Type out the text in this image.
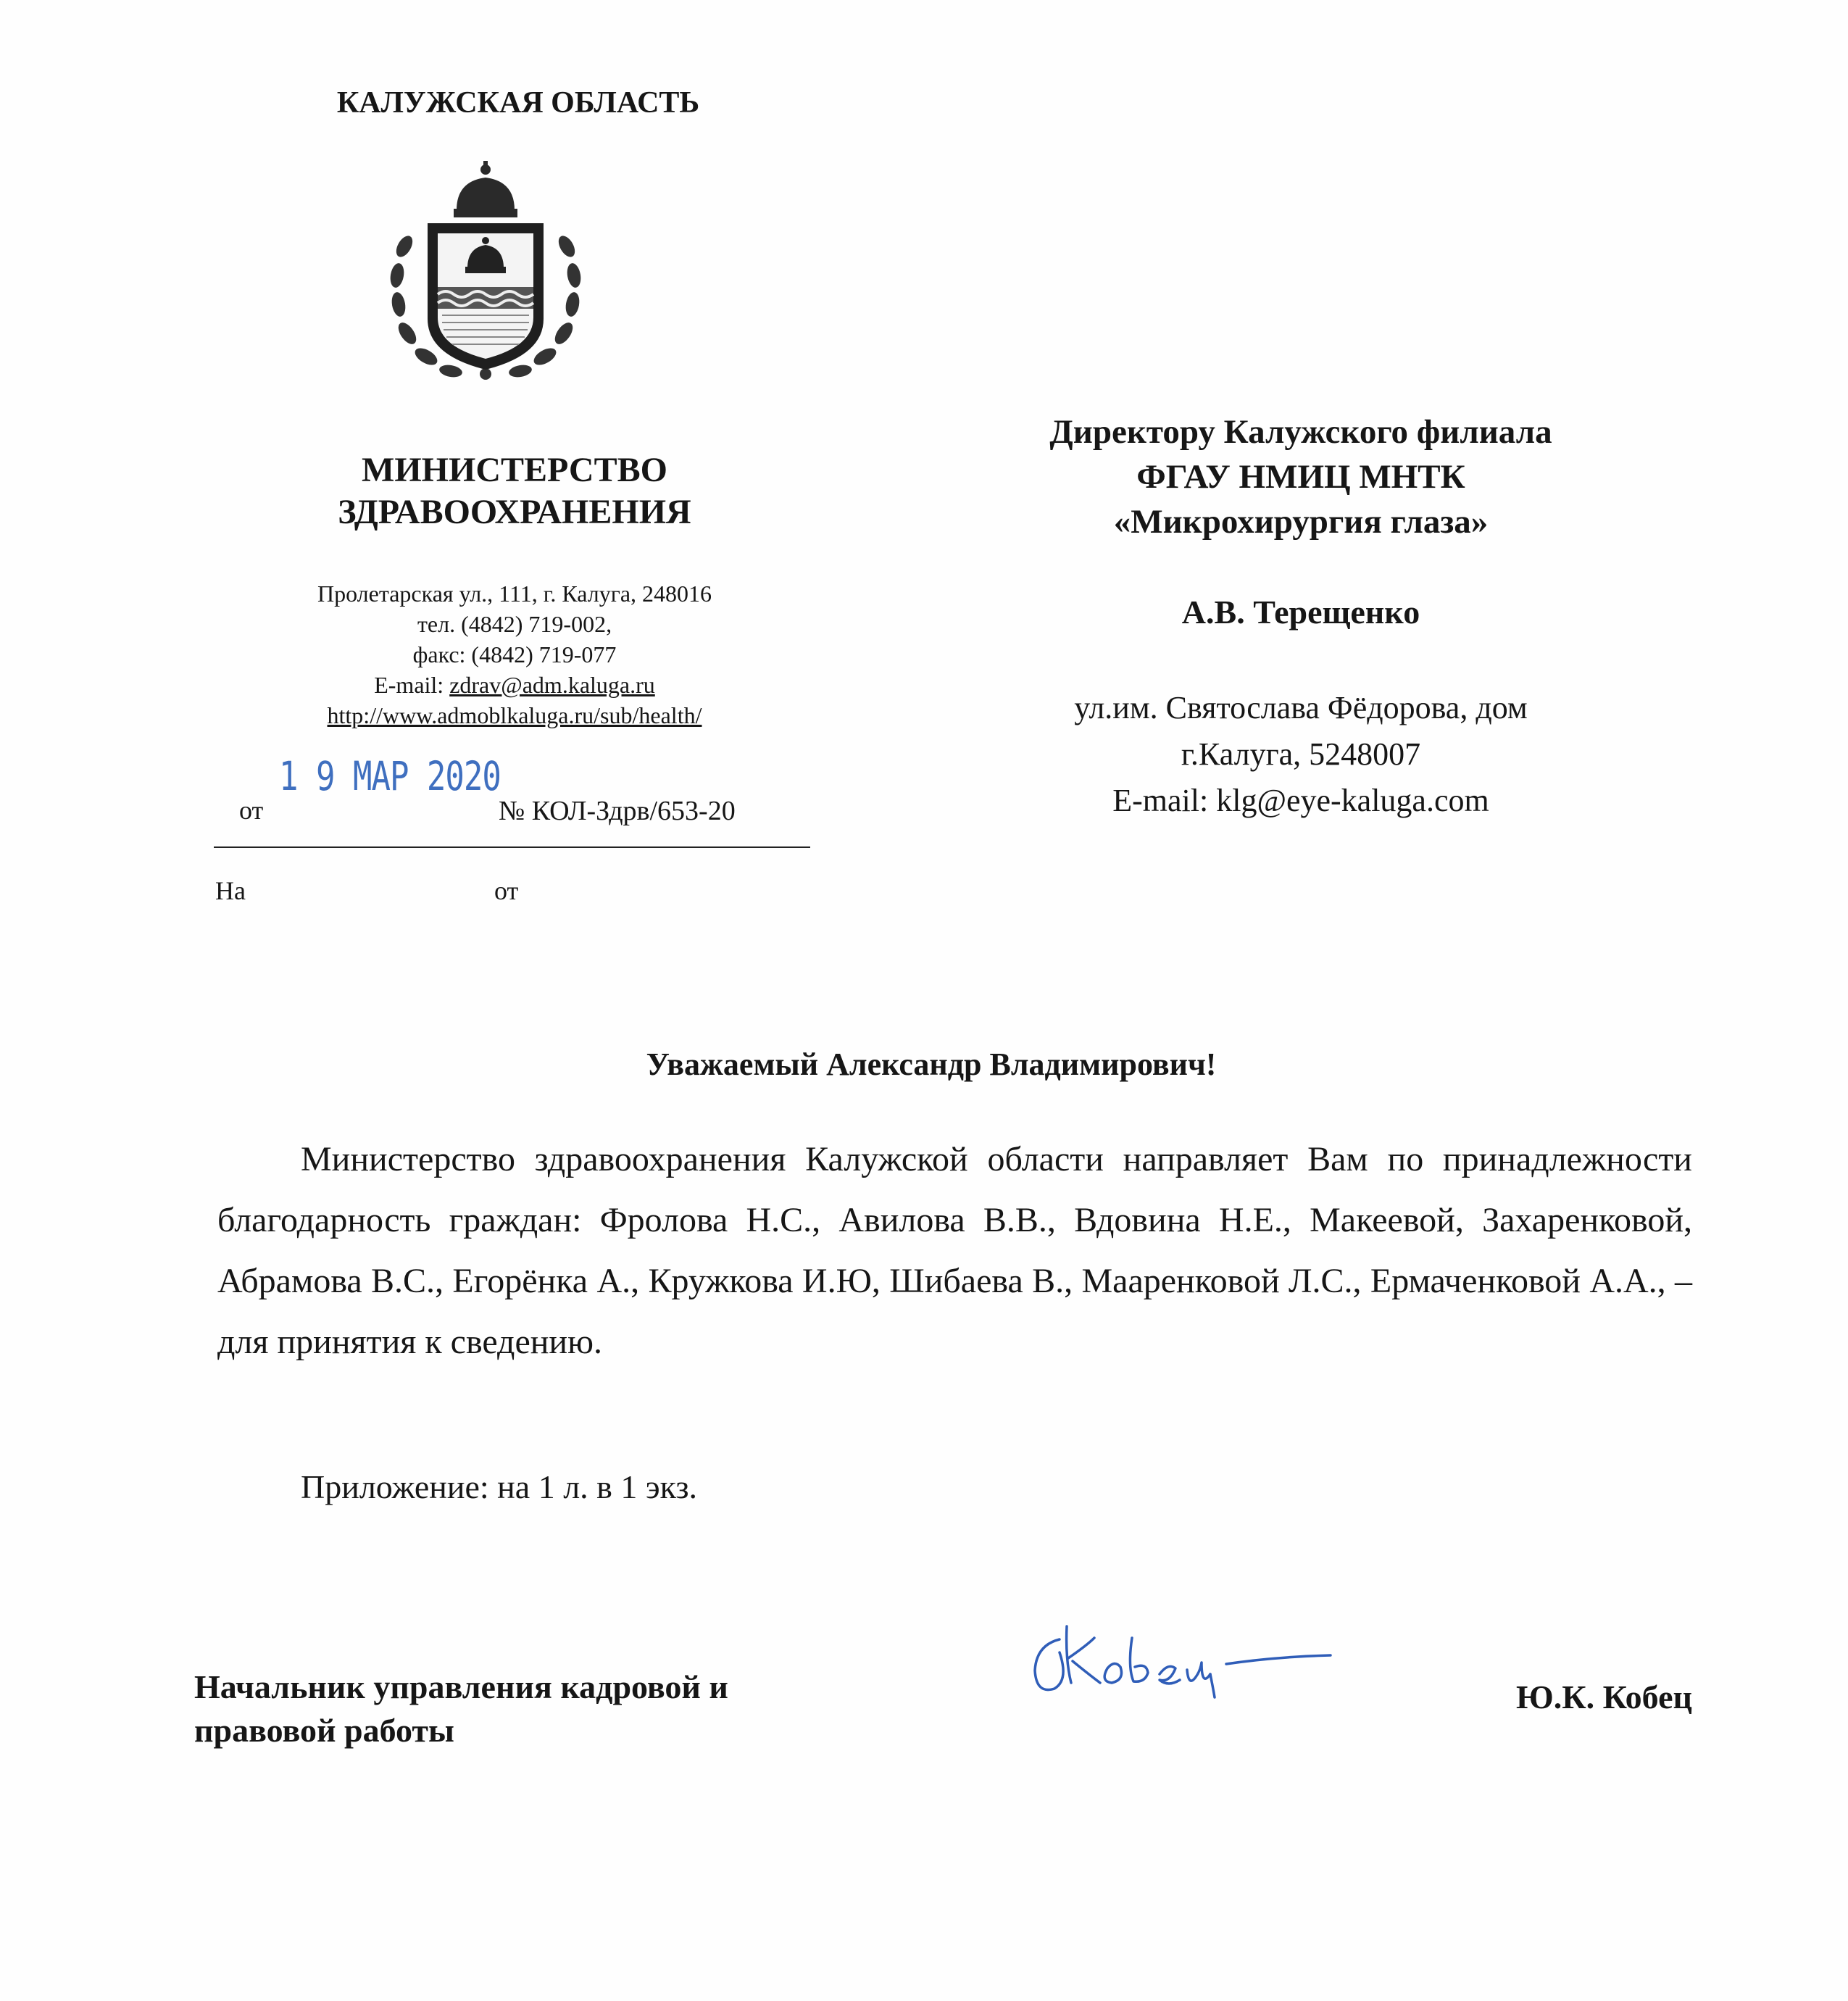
КАЛУЖСКАЯ ОБЛАСТЬ
МИНИСТЕРСТВО
ЗДРАВООХРАНЕНИЯ
Пролетарская ул., 111, г. Калуга, 248016
тел. (4842) 719-002,
факс: (4842) 719-077
E-mail: zdrav@adm.kaluga.ru
http://www.admoblkaluga.ru/sub/health/
1 9 МАР 2020
от	№ КОЛ-Здрв/653-20
На	от
Директору Калужского филиала
ФГАУ НМИЦ МНТК
«Микрохирургия глаза»
А.В. Терещенко
ул.им. Святослава Фёдорова, дом
г.Калуга, 5248007
E-mail: klg@eye-kaluga.com
Уважаемый Александр Владимирович!
Министерство здравоохранения Калужской области направляет Вам по принадлежности благодарность граждан: Фролова Н.С., Авилова В.В., Вдовина Н.Е., Макеевой, Захаренковой, Абрамова В.С., Егорёнка А., Кружкова И.Ю, Шибаева В., Мааренковой Л.С., Ермаченковой А.А., – для принятия к сведению.
Приложение: на 1 л. в 1 экз.
Начальник управления кадровой и
правовой работы
Ю.К. Кобец
